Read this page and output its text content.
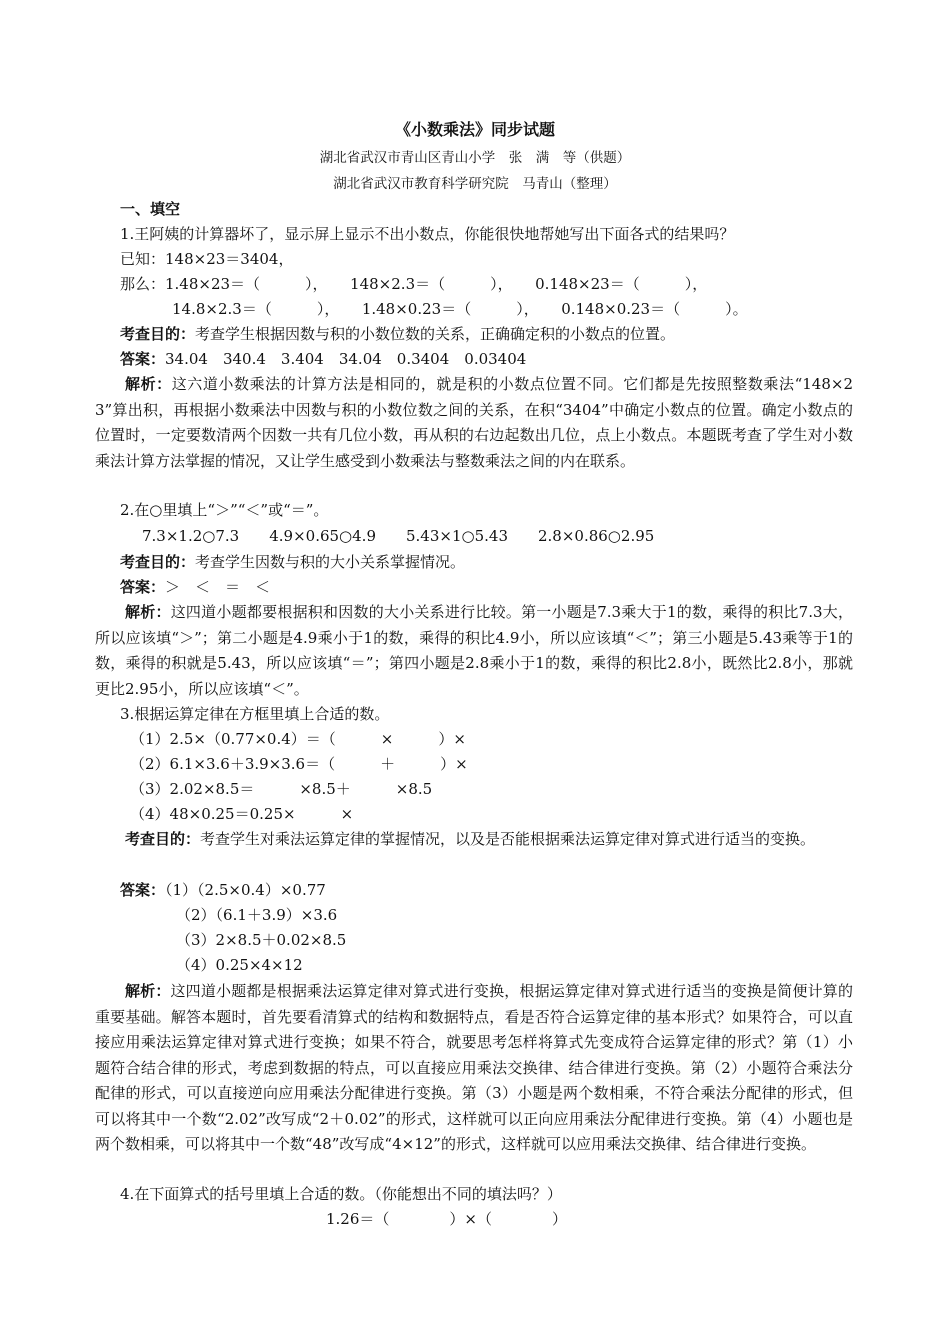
《小数乘法》同步试题
湖北省武汉市青山区青山小学　张　满　等（供题）
湖北省武汉市教育科学研究院　马青山（整理）
一、填空
1.王阿姨的计算器坏了，显示屏上显示不出小数点，你能很快地帮她写出下面各式的结果吗？
已知：148×23＝3404，
那么：1.48×23＝（　　　），　　148×2.3＝（　　　），　　0.148×23＝（　　　），
14.8×2.3＝（　　　），　　1.48×0.23＝（　　　），　　0.148×0.23＝（　　　）。
考查目的：考查学生根据因数与积的小数位数的关系，正确确定积的小数点的位置。
答案：34.04　340.4　3.404　34.04　0.3404　0.03404
解析：这六道小数乘法的计算方法是相同的，就是积的小数点位置不同。它们都是先按照整数乘法“148×23”算出积，再根据小数乘法中因数与积的小数位数之间的关系，在积“3404”中确定小数点的位置。确定小数点的位置时，一定要数清两个因数一共有几位小数，再从积的右边起数出几位，点上小数点。本题既考查了学生对小数乘法计算方法掌握的情况，又让学生感受到小数乘法与整数乘法之间的内在联系。
2.在○里填上“＞”“＜”或“＝”。
7.3×1.2○7.3　　4.9×0.65○4.9　　5.43×1○5.43　　2.8×0.86○2.95
考查目的：考查学生因数与积的大小关系掌握情况。
答案：＞　＜　＝　＜
解析：这四道小题都要根据积和因数的大小关系进行比较。第一小题是7.3乘大于1的数，乘得的积比7.3大，所以应该填“＞”；第二小题是4.9乘小于1的数，乘得的积比4.9小，所以应该填“＜”；第三小题是5.43乘等于1的数，乘得的积就是5.43，所以应该填“＝”；第四小题是2.8乘小于1的数，乘得的积比2.8小，既然比2.8小，那就更比2.95小，所以应该填“＜”。
3.根据运算定律在方框里填上合适的数。
（1）2.5×（0.77×0.4）＝（　　　×　　　）×
（2）6.1×3.6＋3.9×3.6＝（　　　＋　　　）×
（3）2.02×8.5＝　　　×8.5＋　　　×8.5
（4）48×0.25＝0.25×　　　×
考查目的：考查学生对乘法运算定律的掌握情况，以及是否能根据乘法运算定律对算式进行适当的变换。
答案：（1）（2.5×0.4）×0.77
（2）（6.1＋3.9）×3.6
（3）2×8.5＋0.02×8.5
（4）0.25×4×12
解析：这四道小题都是根据乘法运算定律对算式进行变换，根据运算定律对算式进行适当的变换是简便计算的重要基础。解答本题时，首先要看清算式的结构和数据特点，看是否符合运算定律的基本形式？如果符合，可以直接应用乘法运算定律对算式进行变换；如果不符合，就要思考怎样将算式先变成符合运算定律的形式？第（1）小题符合结合律的形式，考虑到数据的特点，可以直接应用乘法交换律、结合律进行变换。第（2）小题符合乘法分配律的形式，可以直接逆向应用乘法分配律进行变换。第（3）小题是两个数相乘，不符合乘法分配律的形式，但可以将其中一个数“2.02”改写成“2＋0.02”的形式，这样就可以正向应用乘法分配律进行变换。第（4）小题也是两个数相乘，可以将其中一个数“48”改写成“4×12”的形式，这样就可以应用乘法交换律、结合律进行变换。
4.在下面算式的括号里填上合适的数。（你能想出不同的填法吗？）
1.26＝（　　　　）×（　　　　）
